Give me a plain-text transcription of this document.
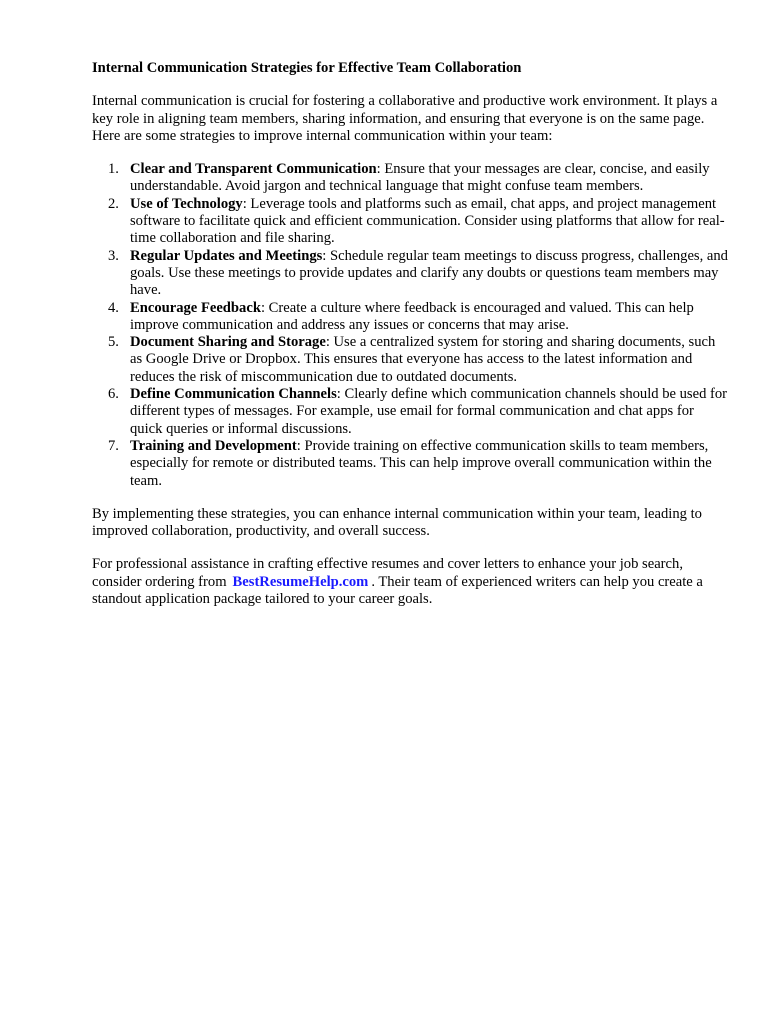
Internal Communication Strategies for Effective Team Collaboration
Internal communication is crucial for fostering a collaborative and productive work environment. It plays a key role in aligning team members, sharing information, and ensuring that everyone is on the same page. Here are some strategies to improve internal communication within your team:
1. Clear and Transparent Communication: Ensure that your messages are clear, concise, and easily understandable. Avoid jargon and technical language that might confuse team members.
2. Use of Technology: Leverage tools and platforms such as email, chat apps, and project management software to facilitate quick and efficient communication. Consider using platforms that allow for real-time collaboration and file sharing.
3. Regular Updates and Meetings: Schedule regular team meetings to discuss progress, challenges, and goals. Use these meetings to provide updates and clarify any doubts or questions team members may have.
4. Encourage Feedback: Create a culture where feedback is encouraged and valued. This can help improve communication and address any issues or concerns that may arise.
5. Document Sharing and Storage: Use a centralized system for storing and sharing documents, such as Google Drive or Dropbox. This ensures that everyone has access to the latest information and reduces the risk of miscommunication due to outdated documents.
6. Define Communication Channels: Clearly define which communication channels should be used for different types of messages. For example, use email for formal communication and chat apps for quick queries or informal discussions.
7. Training and Development: Provide training on effective communication skills to team members, especially for remote or distributed teams. This can help improve overall communication within the team.
By implementing these strategies, you can enhance internal communication within your team, leading to improved collaboration, productivity, and overall success.
For professional assistance in crafting effective resumes and cover letters to enhance your job search, consider ordering from BestResumeHelp.com . Their team of experienced writers can help you create a standout application package tailored to your career goals.
